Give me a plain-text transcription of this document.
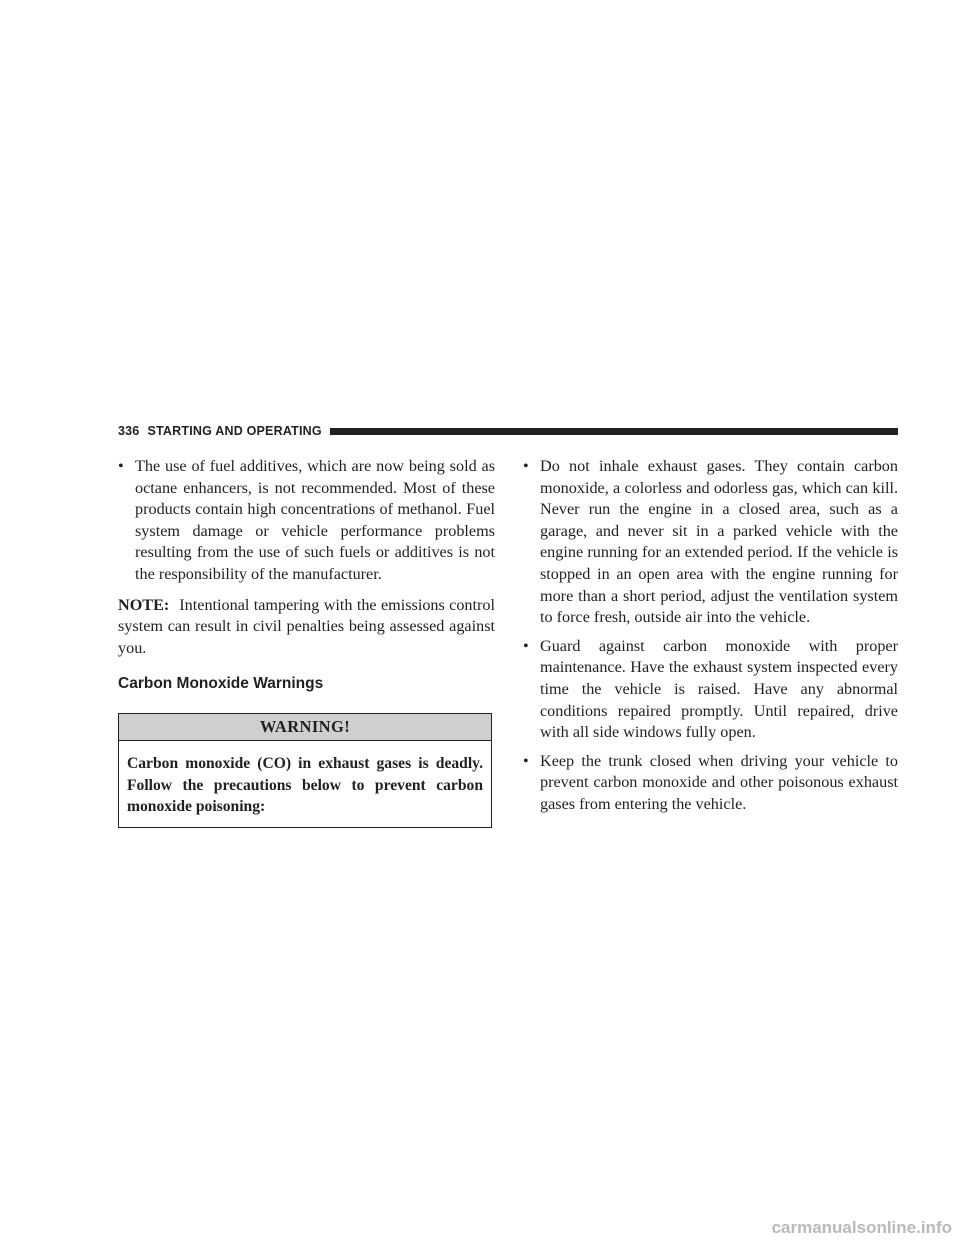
336 STARTING AND OPERATING
• The use of fuel additives, which are now being sold as octane enhancers, is not recommended. Most of these products contain high concentrations of methanol. Fuel system damage or vehicle performance problems resulting from the use of such fuels or additives is not the responsibility of the manufacturer.

NOTE: Intentional tampering with the emissions control system can result in civil penalties being assessed against you.

Carbon Monoxide Warnings
WARNING!
Carbon monoxide (CO) in exhaust gases is deadly. Follow the precautions below to prevent carbon monoxide poisoning:
• Do not inhale exhaust gases. They contain carbon monoxide, a colorless and odorless gas, which can kill. Never run the engine in a closed area, such as a garage, and never sit in a parked vehicle with the engine running for an extended period. If the vehicle is stopped in an open area with the engine running for more than a short period, adjust the ventilation system to force fresh, outside air into the vehicle.
• Guard against carbon monoxide with proper maintenance. Have the exhaust system inspected every time the vehicle is raised. Have any abnormal conditions repaired promptly. Until repaired, drive with all side windows fully open.
• Keep the trunk closed when driving your vehicle to prevent carbon monoxide and other poisonous exhaust gases from entering the vehicle.
carmanualsonline.info
